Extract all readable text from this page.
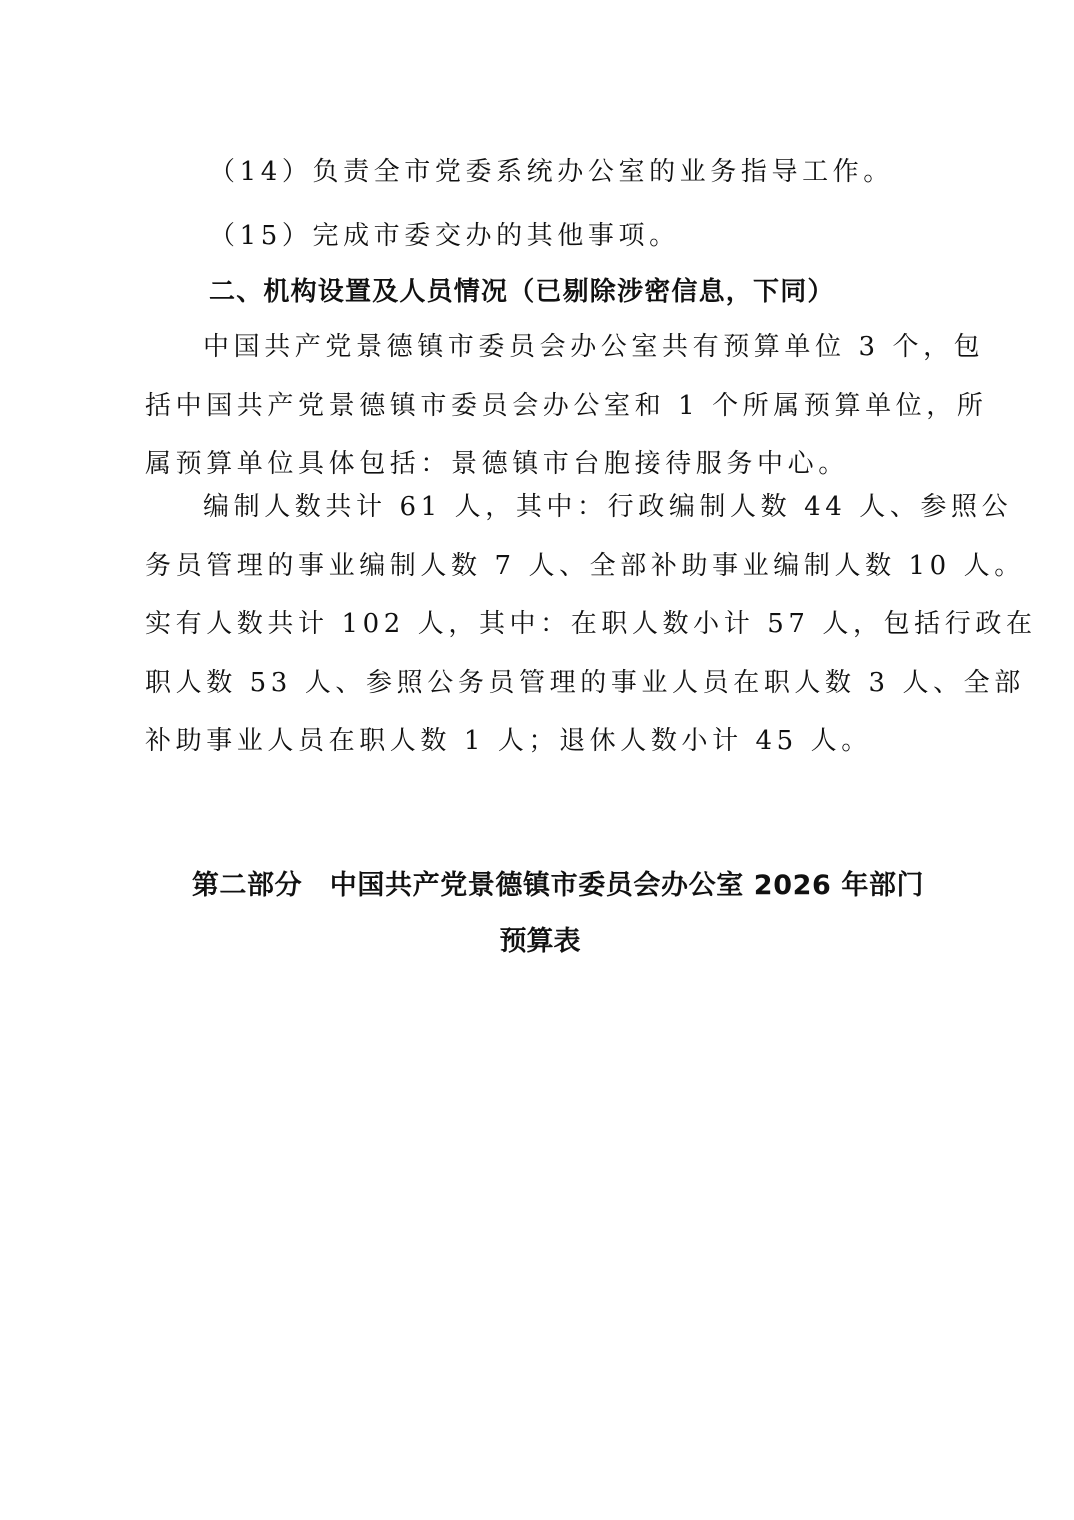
（14）负责全市党委系统办公室的业务指导工作。

（15）完成市委交办的其他事项。

二、机构设置及人员情况（已剔除涉密信息，下同）

中国共产党景德镇市委员会办公室共有预算单位 3 个，包
括中国共产党景德镇市委员会办公室和 1 个所属预算单位，所
属预算单位具体包括：景德镇市台胞接待服务中心。

编制人数共计 61 人，其中：行政编制人数 44 人、参照公
务员管理的事业编制人数 7 人、全部补助事业编制人数 10 人。
实有人数共计 102 人，其中：在职人数小计 57 人，包括行政在
职人数 53 人、参照公务员管理的事业人员在职人数 3 人、全部
补助事业人员在职人数 1 人；退休人数小计 45 人。

第二部分　中国共产党景德镇市委员会办公室 2026 年部门
预算表
